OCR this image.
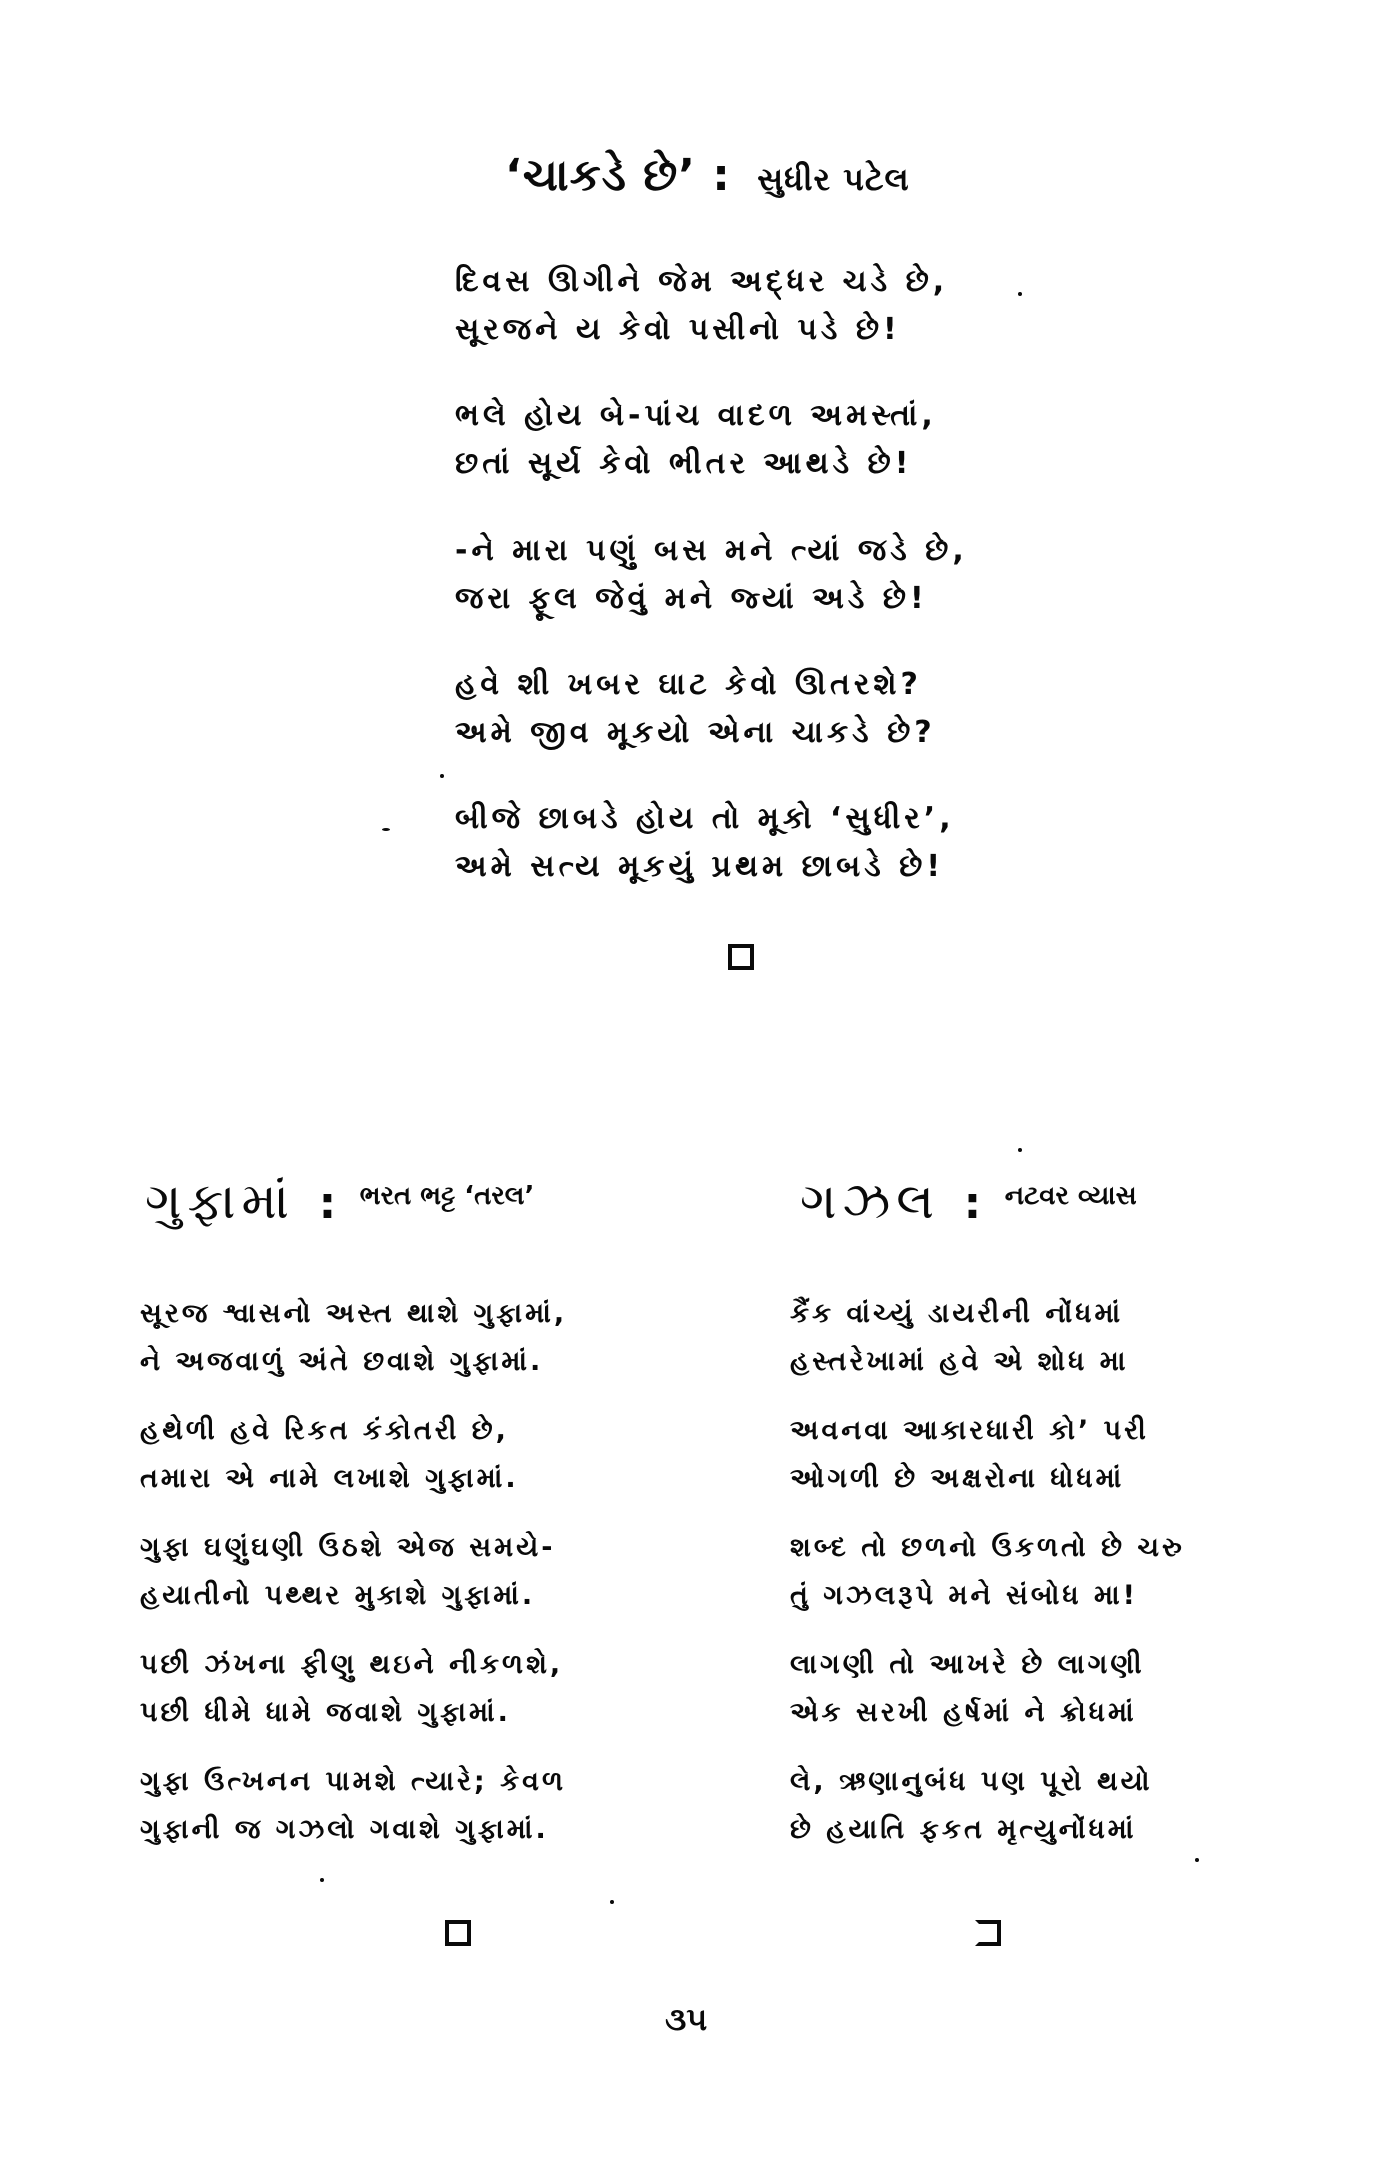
‘ચાકડે છે’ : સુધીર પટેલ
દિવસ ઊગીને જેમ અદ્ધર ચડે છે,
સૂરજને ય કેવો પસીનો પડે છે!
ભલે હોય બે-પાંચ વાદળ અમસ્તાં,
છતાં સૂર્ય કેવો ભીતર આથડે છે!
-ને મારા પણું બસ મને ત્યાં જડે છે,
જરા ફૂલ જેવું મને જ્યાં અડે છે!
હવે શી ખબર ઘાટ કેવો ઊતરશે?
અમે જીવ મૂકયો એના ચાકડે છે?
બીજે છાબડે હોય તો મૂકો ‘સુધીર’,
અમે સત્ય મૂકયું પ્રથમ છાબડે છે!
ગુફામાં : ભરત ભટ્ટ ‘તરલ’
સૂરજ શ્વાસનો અસ્ત થાશે ગુફામાં,
ને અજવાળું અંતે છવાશે ગુફામાં.
હથેળી હવે રિકત કંકોતરી છે,
તમારા એ નામે લખાશે ગુફામાં.
ગુફા ઘણુંઘણી ઉઠશે એજ સમયે-
હયાતીનો પથ્થર મુકાશે ગુફામાં.
પછી ઝંખના ફીણુ થઇને નીકળશે,
પછી ધીમે ધામે જવાશે ગુફામાં.
ગુફા ઉત્ખનન પામશે ત્યારે; કેવળ
ગુફાની જ ગઝલો ગવાશે ગુફામાં.
ગઝલ : નટવર વ્યાસ
કૈંક વાંચ્યું ડાયરીની નોંધમાં
હસ્તરેખામાં હવે એ શોધ મા
અવનવા આકારધારી કો’ પરી
ઓગળી છે અક્ષરોના ધોધમાં
શબ્દ તો છળનો ઉકળતો છે ચરુ
તું ગઝલરૂપે મને સંબોધ મા!
લાગણી તો આખરે છે લાગણી
એક સરખી હર્ષમાં ને ક્રોધમાં
લે, ઋણાનુબંધ પણ પૂરો થયો
છે હયાતિ ફકત મૃત્યુનોંધમાં
૩૫
